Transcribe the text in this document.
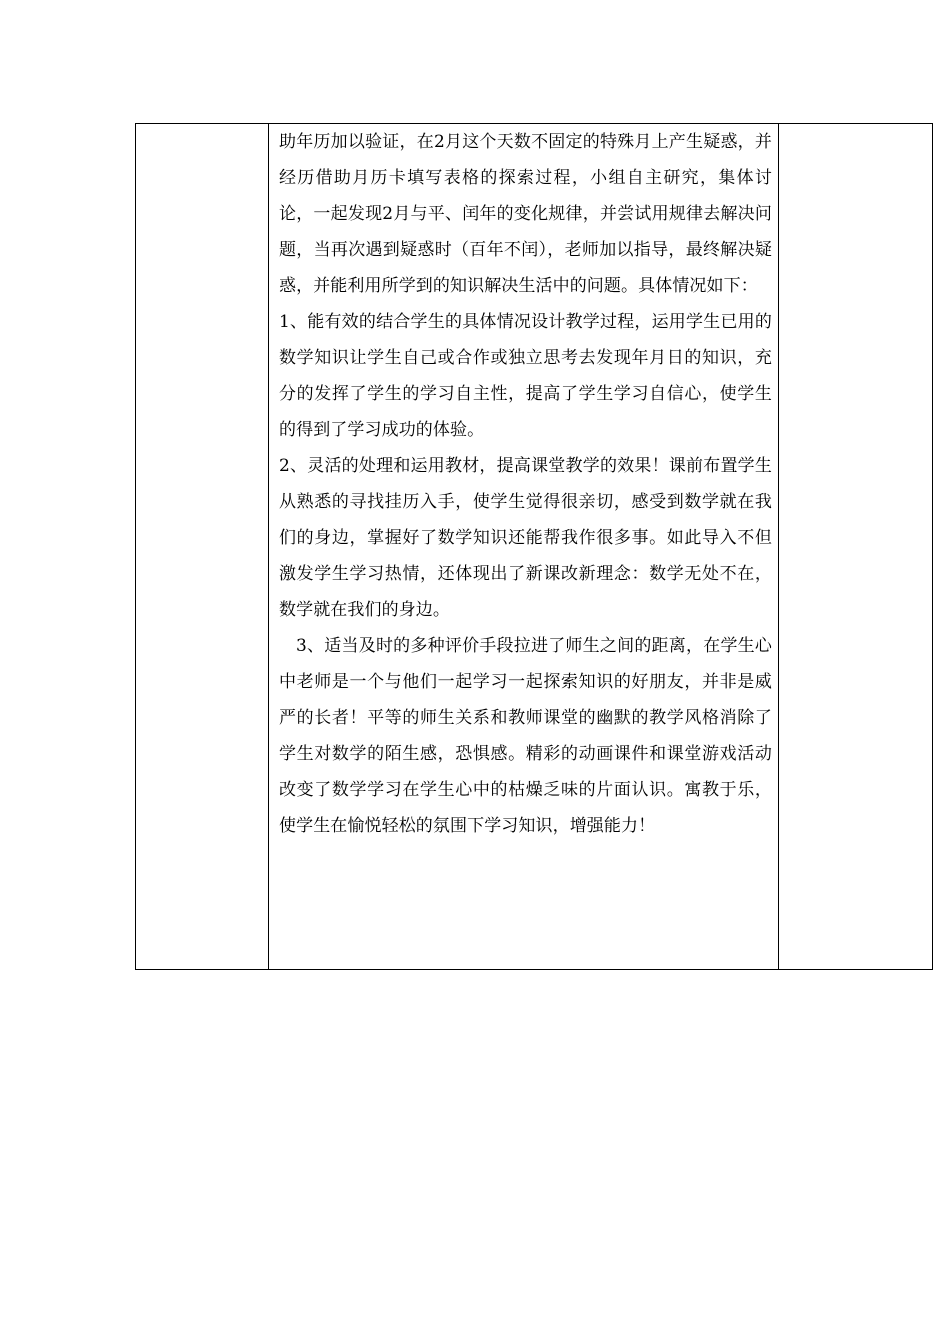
助年历加以验证，在2月这个天数不固定的特殊月上产生疑惑，并经历借助月历卡填写表格的探索过程，小组自主研究，集体讨论，一起发现2月与平、闰年的变化规律，并尝试用规律去解决问题，当再次遇到疑惑时（百年不闰），老师加以指导，最终解决疑惑，并能利用所学到的知识解决生活中的问题。具体情况如下：

1、能有效的结合学生的具体情况设计教学过程，运用学生已用的数学知识让学生自己或合作或独立思考去发现年月日的知识，充分的发挥了学生的学习自主性，提高了学生学习自信心，使学生的得到了学习成功的体验。

2、灵活的处理和运用教材，提高课堂教学的效果！课前布置学生从熟悉的寻找挂历入手，使学生觉得很亲切，感受到数学就在我们的身边，掌握好了数学知识还能帮我作很多事。如此导入不但激发学生学习热情，还体现出了新课改新理念：数学无处不在，数学就在我们的身边。

3、适当及时的多种评价手段拉进了师生之间的距离，在学生心中老师是一个与他们一起学习一起探索知识的好朋友，并非是威严的长者！平等的师生关系和教师课堂的幽默的教学风格消除了学生对数学的陌生感，恐惧感。精彩的动画课件和课堂游戏活动改变了数学学习在学生心中的枯燥乏味的片面认识。寓教于乐，使学生在愉悦轻松的氛围下学习知识，增强能力！
